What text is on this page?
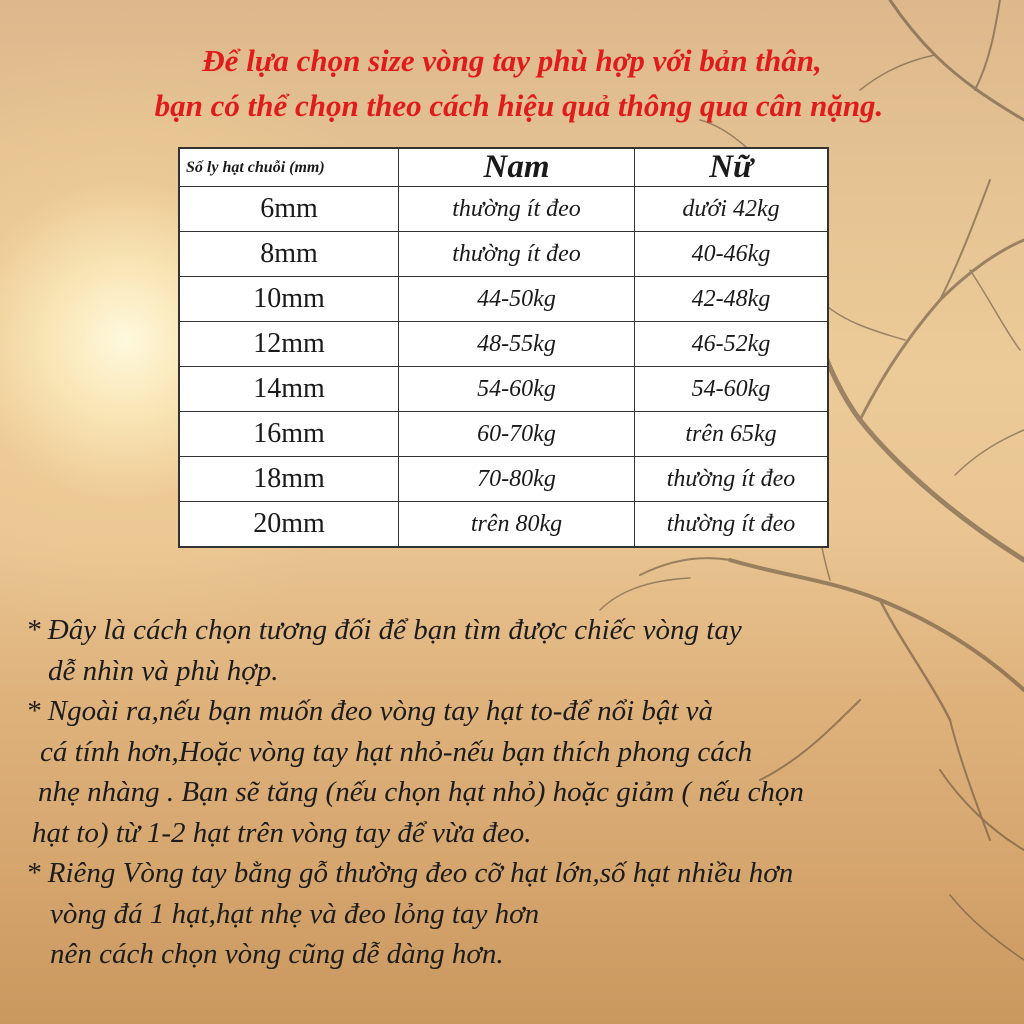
Để lựa chọn size vòng tay phù hợp với bản thân,
bạn có thể chọn theo cách hiệu quả thông qua cân nặng.
Số ly hạt chuỗi (mm)	Nam	Nữ
6mm	thường ít đeo	dưới 42kg
8mm	thường ít đeo	40-46kg
10mm	44-50kg	42-48kg
12mm	48-55kg	46-52kg
14mm	54-60kg	54-60kg
16mm	60-70kg	trên 65kg
18mm	70-80kg	thường ít đeo
20mm	trên 80kg	thường ít đeo
* Đây là cách chọn tương đối để bạn tìm được chiếc vòng tay
dễ nhìn và phù hợp.
* Ngoài ra,nếu bạn muốn đeo vòng tay hạt to-để nổi bật và
cá tính hơn,Hoặc vòng tay hạt nhỏ-nếu bạn thích phong cách
nhẹ nhàng . Bạn sẽ tăng (nếu chọn hạt nhỏ) hoặc giảm ( nếu chọn
hạt to) từ 1-2 hạt trên vòng tay để vừa đeo.
* Riêng Vòng tay bằng gỗ thường đeo cỡ hạt lớn,số hạt nhiều hơn
vòng đá 1 hạt,hạt nhẹ và đeo lỏng tay hơn
nên cách chọn vòng cũng dễ dàng hơn.
